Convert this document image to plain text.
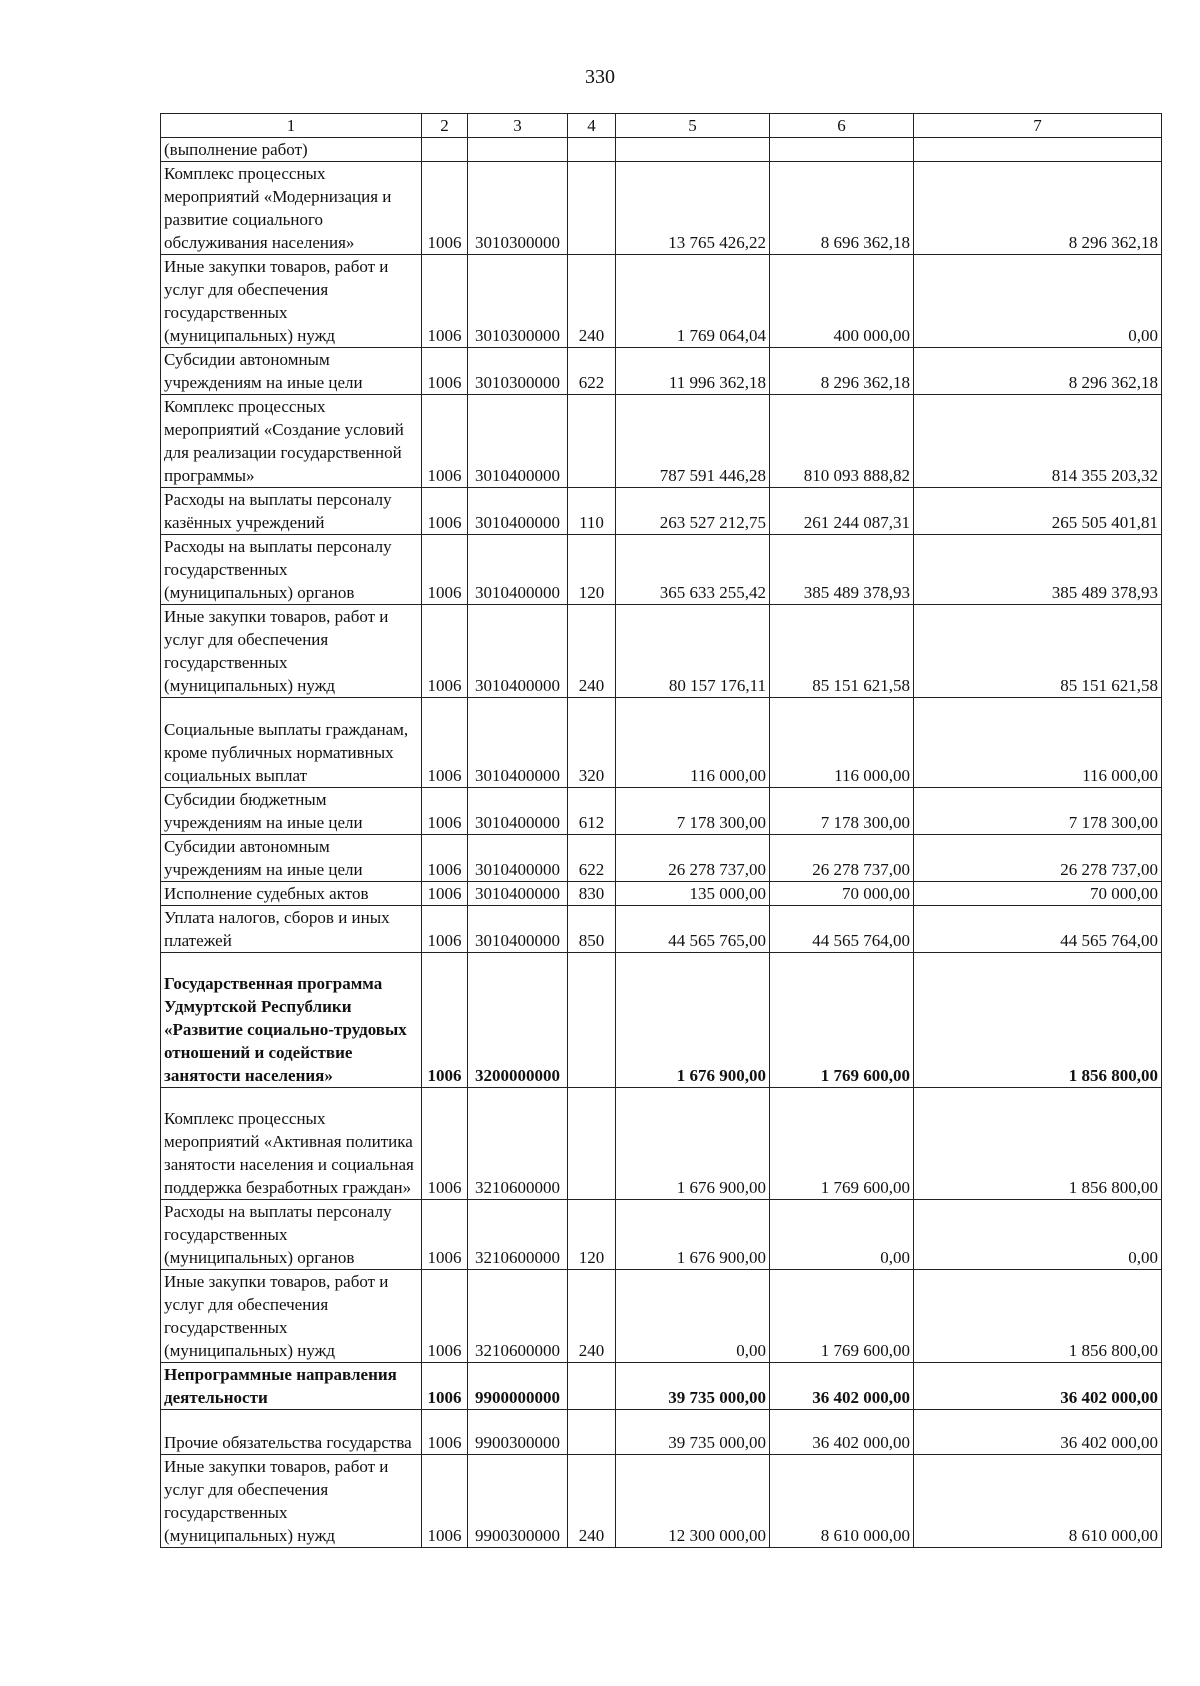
330
1	2	3	4	5	6	7
(выполнение работ)						
Комплекс процессных мероприятий «Модернизация и развитие социального обслуживания населения»	1006	3010300000		13 765 426,22	8 696 362,18	8 296 362,18
Иные закупки товаров, работ и услуг для обеспечения государственных (муниципальных) нужд	1006	3010300000	240	1 769 064,04	400 000,00	0,00
Субсидии автономным учреждениям на иные цели	1006	3010300000	622	11 996 362,18	8 296 362,18	8 296 362,18
Комплекс процессных мероприятий «Создание условий для реализации государственной программы»	1006	3010400000		787 591 446,28	810 093 888,82	814 355 203,32
Расходы на выплаты персоналу казённых учреждений	1006	3010400000	110	263 527 212,75	261 244 087,31	265 505 401,81
Расходы на выплаты персоналу государственных (муниципальных) органов	1006	3010400000	120	365 633 255,42	385 489 378,93	385 489 378,93
Иные закупки товаров, работ и услуг для обеспечения государственных (муниципальных) нужд	1006	3010400000	240	80 157 176,11	85 151 621,58	85 151 621,58
Социальные выплаты гражданам, кроме публичных нормативных социальных выплат	1006	3010400000	320	116 000,00	116 000,00	116 000,00
Субсидии бюджетным учреждениям на иные цели	1006	3010400000	612	7 178 300,00	7 178 300,00	7 178 300,00
Субсидии автономным учреждениям на иные цели	1006	3010400000	622	26 278 737,00	26 278 737,00	26 278 737,00
Исполнение судебных актов	1006	3010400000	830	135 000,00	70 000,00	70 000,00
Уплата налогов, сборов и иных платежей	1006	3010400000	850	44 565 765,00	44 565 764,00	44 565 764,00
Государственная программа Удмуртской Республики «Развитие социально-трудовых отношений и содействие занятости населения»	1006	3200000000		1 676 900,00	1 769 600,00	1 856 800,00
Комплекс процессных мероприятий «Активная политика занятости населения и социальная поддержка безработных граждан»	1006	3210600000		1 676 900,00	1 769 600,00	1 856 800,00
Расходы на выплаты персоналу государственных (муниципальных) органов	1006	3210600000	120	1 676 900,00	0,00	0,00
Иные закупки товаров, работ и услуг для обеспечения государственных (муниципальных) нужд	1006	3210600000	240	0,00	1 769 600,00	1 856 800,00
Непрограммные направления деятельности	1006	9900000000		39 735 000,00	36 402 000,00	36 402 000,00
Прочие обязательства государства	1006	9900300000		39 735 000,00	36 402 000,00	36 402 000,00
Иные закупки товаров, работ и услуг для обеспечения государственных (муниципальных) нужд	1006	9900300000	240	12 300 000,00	8 610 000,00	8 610 000,00
